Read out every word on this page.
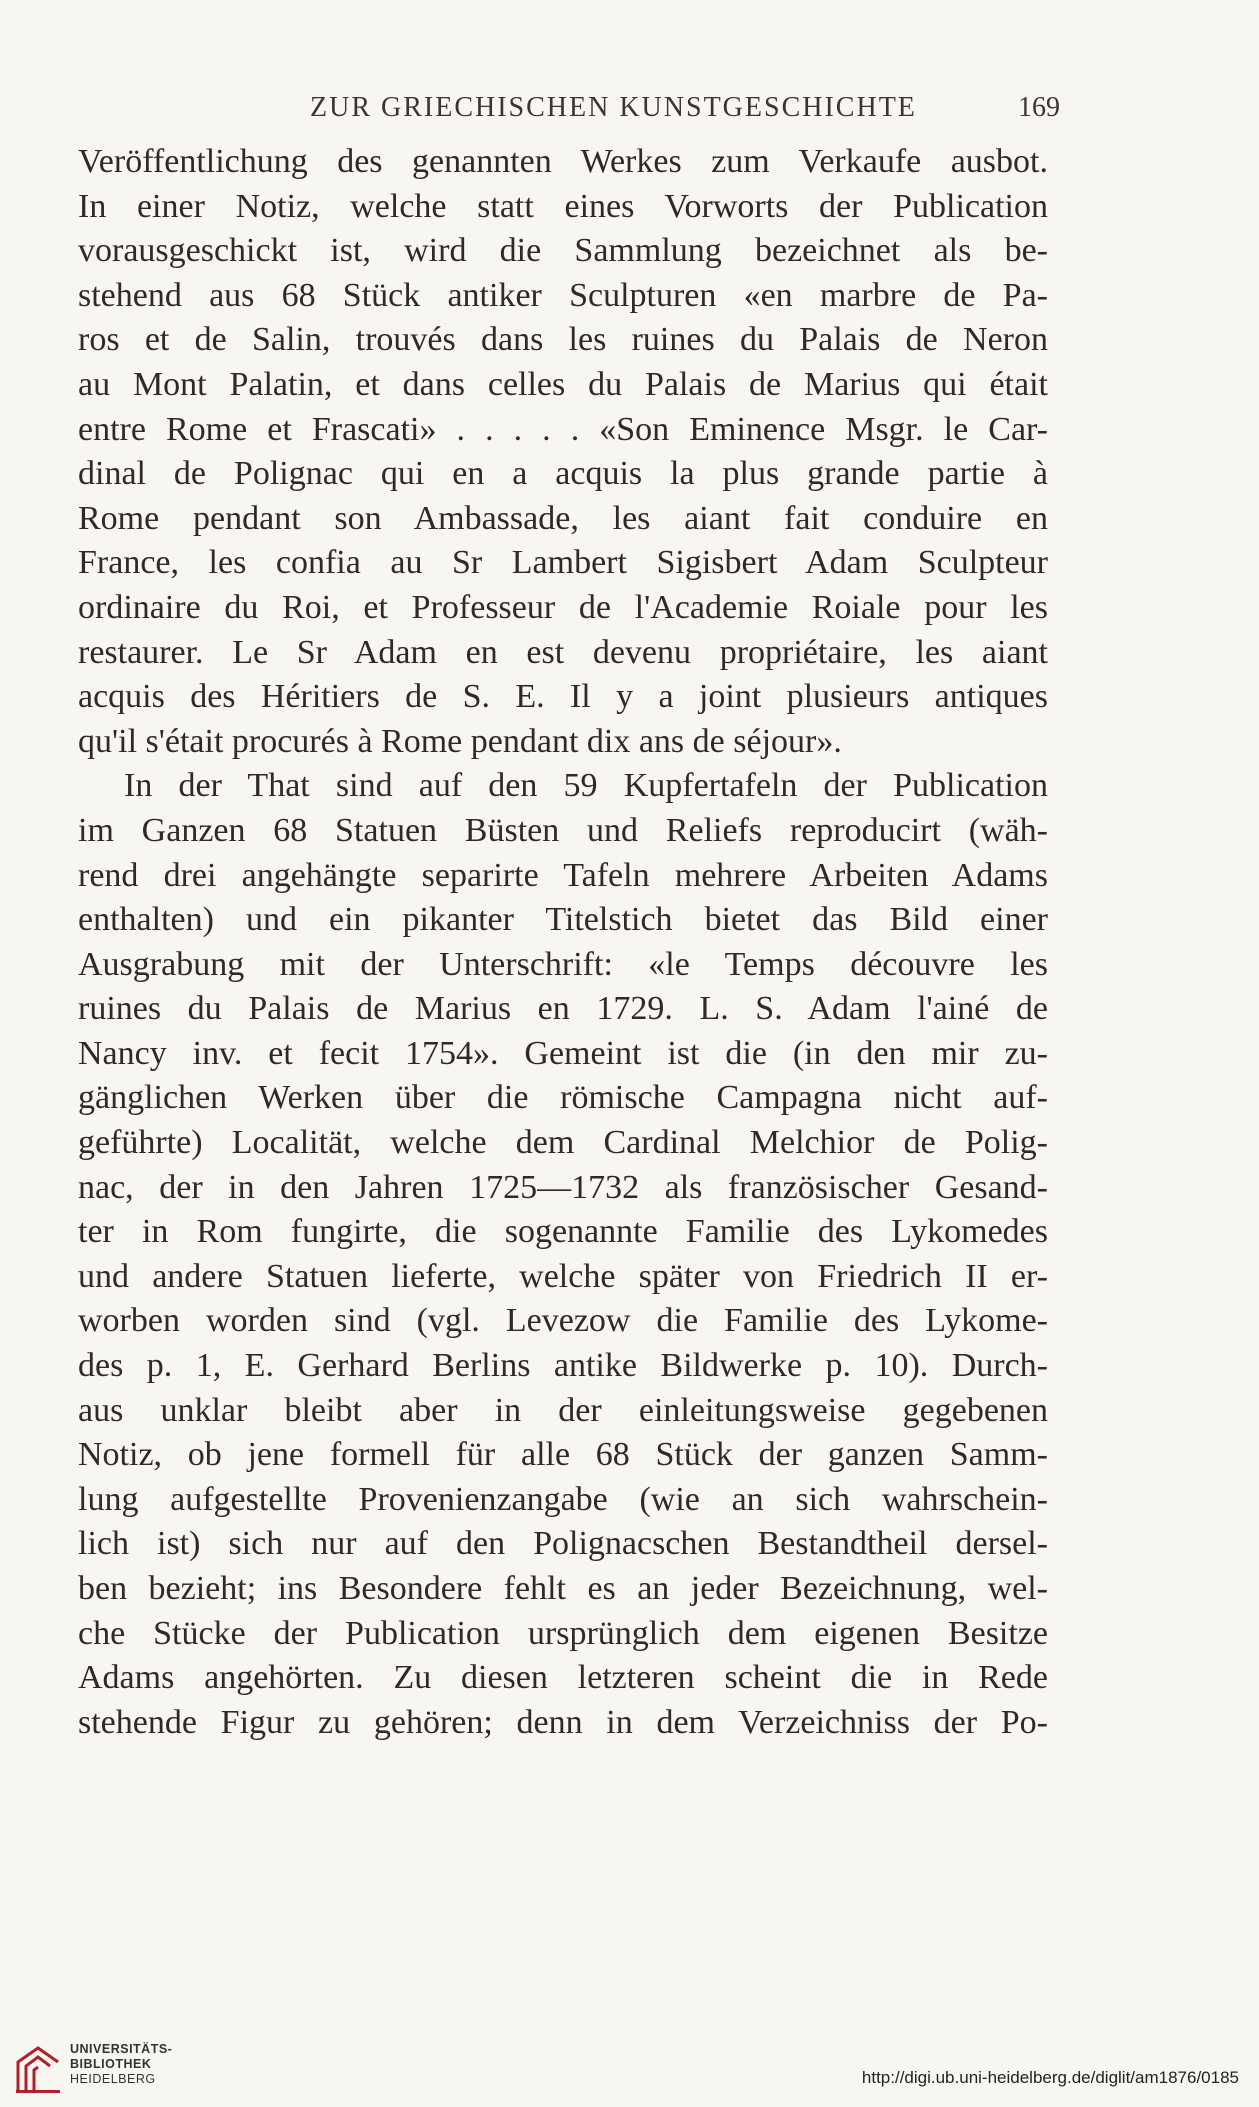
ZUR GRIECHISCHEN KUNSTGESCHICHTE	169
Veröffentlichung des genannten Werkes zum Verkaufe ausbot.
In einer Notiz, welche statt eines Vorworts der Publication
vorausgeschickt ist, wird die Sammlung bezeichnet als be-
stehend aus 68 Stück antiker Sculpturen «en marbre de Pa-
ros et de Salin, trouvés dans les ruines du Palais de Neron
au Mont Palatin, et dans celles du Palais de Marius qui était
entre Rome et Frascati» . . . . . «Son Eminence Msgr. le Car-
dinal de Polignac qui en a acquis la plus grande partie à
Rome pendant son Ambassade, les aiant fait conduire en
France, les confia au Sr Lambert Sigisbert Adam Sculpteur
ordinaire du Roi, et Professeur de l'Academie Roiale pour les
restaurer. Le Sr Adam en est devenu propriétaire, les aiant
acquis des Héritiers de S. E. Il y a joint plusieurs antiques
qu'il s'était procurés à Rome pendant dix ans de séjour».
In der That sind auf den 59 Kupfertafeln der Publication
im Ganzen 68 Statuen Büsten und Reliefs reproducirt (wäh-
rend drei angehängte separirte Tafeln mehrere Arbeiten Adams
enthalten) und ein pikanter Titelstich bietet das Bild einer
Ausgrabung mit der Unterschrift: «le Temps découvre les
ruines du Palais de Marius en 1729. L. S. Adam l'ainé de
Nancy inv. et fecit 1754». Gemeint ist die (in den mir zu-
gänglichen Werken über die römische Campagna nicht auf-
geführte) Localität, welche dem Cardinal Melchior de Polig-
nac, der in den Jahren 1725—1732 als französischer Gesand-
ter in Rom fungirte, die sogenannte Familie des Lykomedes
und andere Statuen lieferte, welche später von Friedrich II er-
worben worden sind (vgl. Levezow die Familie des Lykome-
des p. 1, E. Gerhard Berlins antike Bildwerke p. 10). Durch-
aus unklar bleibt aber in der einleitungsweise gegebenen
Notiz, ob jene formell für alle 68 Stück der ganzen Samm-
lung aufgestellte Provenienzangabe (wie an sich wahrschein-
lich ist) sich nur auf den Polignacschen Bestandtheil dersel-
ben bezieht; ins Besondere fehlt es an jeder Bezeichnung, wel-
che Stücke der Publication ursprünglich dem eigenen Besitze
Adams angehörten. Zu diesen letzteren scheint die in Rede
stehende Figur zu gehören; denn in dem Verzeichniss der Po-
UNIVERSITÄTS-
BIBLIOTHEK
HEIDELBERG	http://digi.ub.uni-heidelberg.de/diglit/am1876/0185
